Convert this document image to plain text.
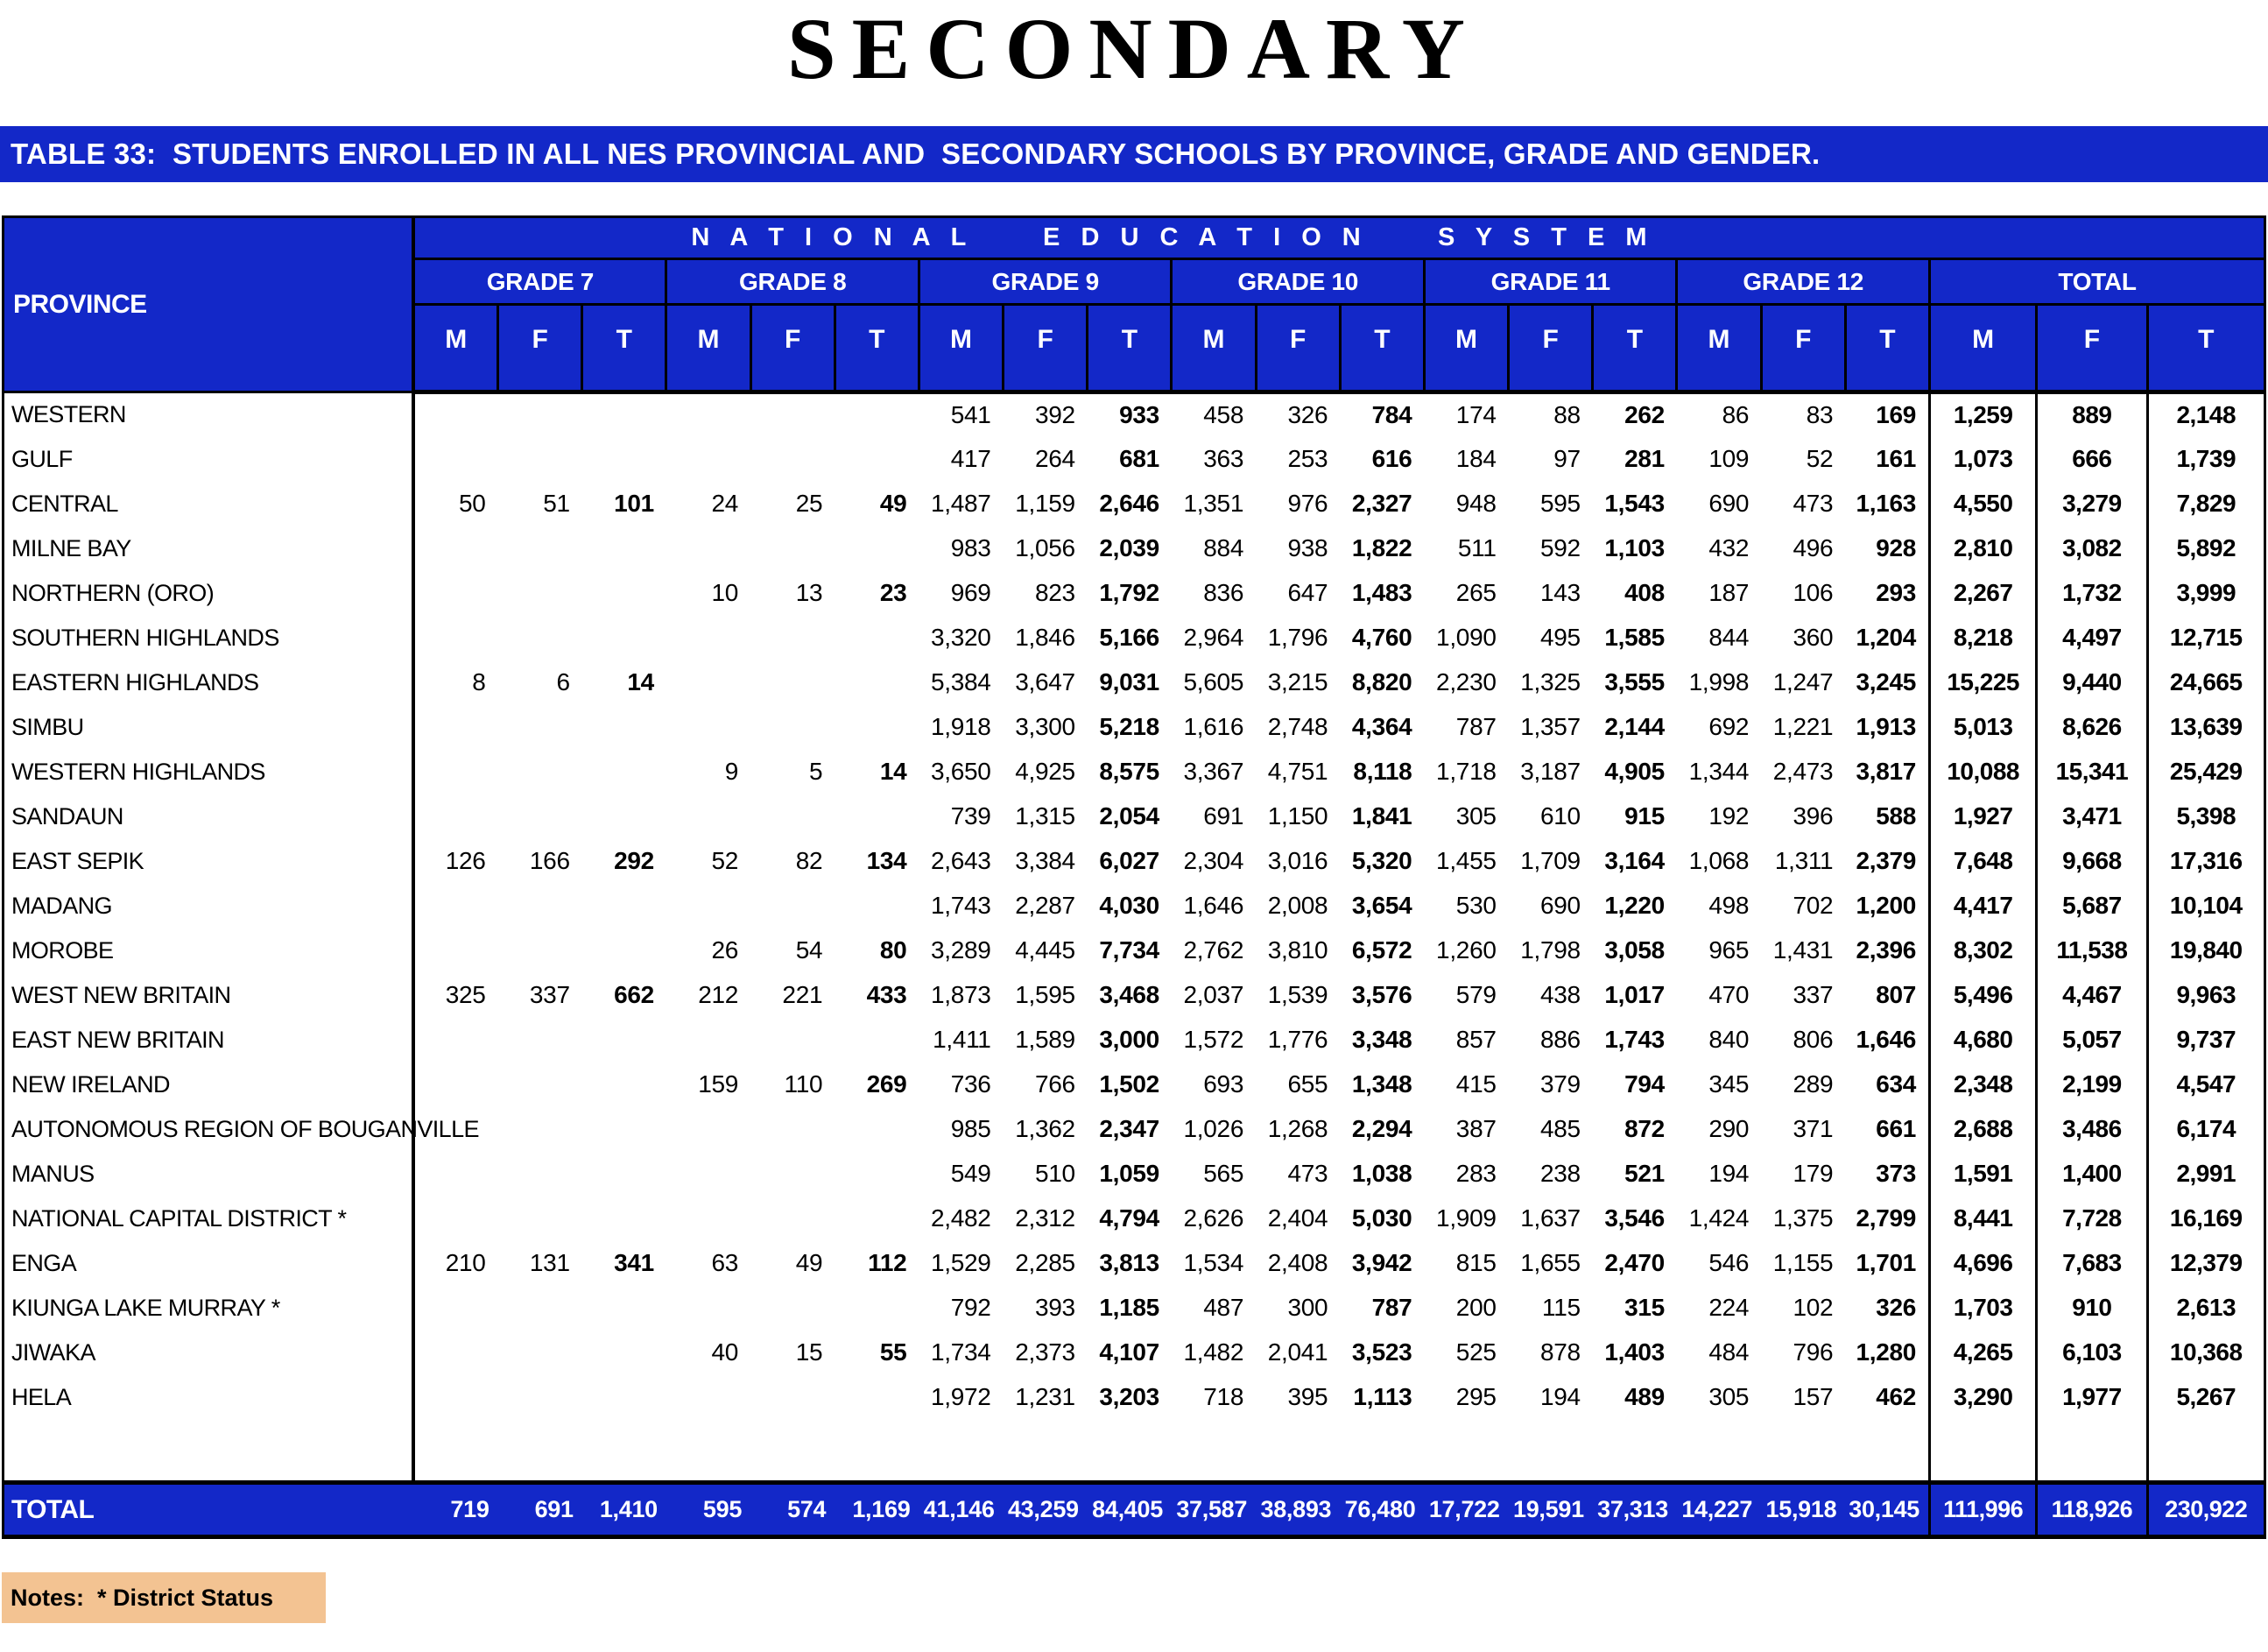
SECONDARY
TABLE 33:  STUDENTS ENROLLED IN ALL NES PROVINCIAL AND  SECONDARY SCHOOLS BY PROVINCE, GRADE AND GENDER.
PROVINCE	N A T I O N A L     E D U C A T I O N     S Y S T E M																				
	GRADE 7			GRADE 8			GRADE 9			GRADE 10			GRADE 11			GRADE 12			TOTAL		
	M	F	T	M	F	T	M	F	T	M	F	T	M	F	T	M	F	T	M	F	T
WESTERN							541	392	933	458	326	784	174	88	262	86	83	169	1,259	889	2,148
GULF							417	264	681	363	253	616	184	97	281	109	52	161	1,073	666	1,739
CENTRAL	50	51	101	24	25	49	1,487	1,159	2,646	1,351	976	2,327	948	595	1,543	690	473	1,163	4,550	3,279	7,829
MILNE BAY							983	1,056	2,039	884	938	1,822	511	592	1,103	432	496	928	2,810	3,082	5,892
NORTHERN (ORO)				10	13	23	969	823	1,792	836	647	1,483	265	143	408	187	106	293	2,267	1,732	3,999
SOUTHERN HIGHLANDS							3,320	1,846	5,166	2,964	1,796	4,760	1,090	495	1,585	844	360	1,204	8,218	4,497	12,715
EASTERN HIGHLANDS	8	6	14				5,384	3,647	9,031	5,605	3,215	8,820	2,230	1,325	3,555	1,998	1,247	3,245	15,225	9,440	24,665
SIMBU							1,918	3,300	5,218	1,616	2,748	4,364	787	1,357	2,144	692	1,221	1,913	5,013	8,626	13,639
WESTERN HIGHLANDS				9	5	14	3,650	4,925	8,575	3,367	4,751	8,118	1,718	3,187	4,905	1,344	2,473	3,817	10,088	15,341	25,429
SANDAUN							739	1,315	2,054	691	1,150	1,841	305	610	915	192	396	588	1,927	3,471	5,398
EAST SEPIK	126	166	292	52	82	134	2,643	3,384	6,027	2,304	3,016	5,320	1,455	1,709	3,164	1,068	1,311	2,379	7,648	9,668	17,316
MADANG							1,743	2,287	4,030	1,646	2,008	3,654	530	690	1,220	498	702	1,200	4,417	5,687	10,104
MOROBE				26	54	80	3,289	4,445	7,734	2,762	3,810	6,572	1,260	1,798	3,058	965	1,431	2,396	8,302	11,538	19,840
WEST NEW BRITAIN	325	337	662	212	221	433	1,873	1,595	3,468	2,037	1,539	3,576	579	438	1,017	470	337	807	5,496	4,467	9,963
EAST NEW BRITAIN							1,411	1,589	3,000	1,572	1,776	3,348	857	886	1,743	840	806	1,646	4,680	5,057	9,737
NEW IRELAND				159	110	269	736	766	1,502	693	655	1,348	415	379	794	345	289	634	2,348	2,199	4,547
AUTONOMOUS REGION OF BOUGANVILLE							985	1,362	2,347	1,026	1,268	2,294	387	485	872	290	371	661	2,688	3,486	6,174
MANUS							549	510	1,059	565	473	1,038	283	238	521	194	179	373	1,591	1,400	2,991
NATIONAL CAPITAL DISTRICT *							2,482	2,312	4,794	2,626	2,404	5,030	1,909	1,637	3,546	1,424	1,375	2,799	8,441	7,728	16,169
ENGA	210	131	341	63	49	112	1,529	2,285	3,813	1,534	2,408	3,942	815	1,655	2,470	546	1,155	1,701	4,696	7,683	12,379
KIUNGA LAKE MURRAY *							792	393	1,185	487	300	787	200	115	315	224	102	326	1,703	910	2,613
JIWAKA				40	15	55	1,734	2,373	4,107	1,482	2,041	3,523	525	878	1,403	484	796	1,280	4,265	6,103	10,368
HELA							1,972	1,231	3,203	718	395	1,113	295	194	489	305	157	462	3,290	1,977	5,267

TOTAL	719	691	1,410	595	574	1,169	41,146	43,259	84,405	37,587	38,893	76,480	17,722	19,591	37,313	14,227	15,918	30,145	111,996	118,926	230,922
Notes:  * District Status
